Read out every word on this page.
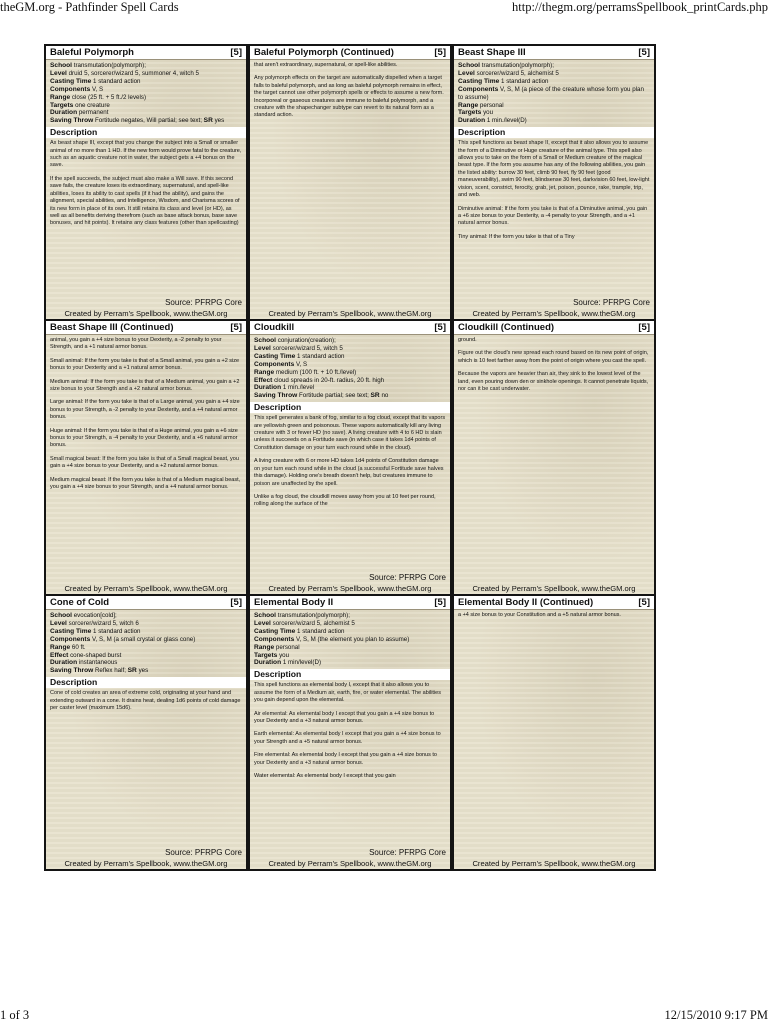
theGM.org - Pathfinder Spell Cards	http://thegm.org/perramsSpellbook_printCards.php
Baleful Polymorph	[5]
School transmutation(polymorph);
Level druid 5, sorcerer/wizard 5, summoner 4, witch 5
Casting Time 1 standard action
Components V, S
Range close (25 ft. + 5 ft./2 levels)
Targets one creature
Duration permanent
Saving Throw Fortitude negates, Will partial; see text; SR yes
Description

As beast shape III, except that you change the subject into a Small or smaller animal of no more than 1 HD. If the new form would prove fatal to the creature, such as an aquatic creature not in water, the subject gets a +4 bonus on the save.

If the spell succeeds, the subject must also make a Will save. If this second save fails, the creature loses its extraordinary, supernatural, and spell-like abilities, loses its ability to cast spells (if it had the ability), and gains the alignment, special abilities, and Intelligence, Wisdom, and Charisma scores of its new form in place of its own. It still retains its class and level (or HD), as well as all benefits deriving therefrom (such as base attack bonus, base save bonuses, and hit points). It retains any class features (other than spellcasting)

Source: PFRPG Core
Created by Perram's Spellbook, www.theGM.org
Baleful Polymorph (Continued)	[5]

that aren't extraordinary, supernatural, or spell-like abilities.

Any polymorph effects on the target are automatically dispelled when a target falls to baleful polymorph, and as long as baleful polymorph remains in effect, the target cannot use other polymorph spells or effects to assume a new form. Incorporeal or gaseous creatures are immune to baleful polymorph, and a creature with the shapechanger subtype can revert to its natural form as a standard action.

Created by Perram's Spellbook, www.theGM.org
Beast Shape III	[5]
School transmutation(polymorph);
Level sorcerer/wizard 5, alchemist 5
Casting Time 1 standard action
Components V, S, M (a piece of the creature whose form you plan to assume)
Range personal
Targets you
Duration 1 min./level(D)
Description

This spell functions as beast shape II, except that it also allows you to assume the form of a Diminutive or Huge creature of the animal type. This spell also allows you to take on the form of a Small or Medium creature of the magical beast type. If the form you assume has any of the following abilities, you gain the listed ability: burrow 30 feet, climb 90 feet, fly 90 feet (good maneuverability), swim 90 feet, blindsense 30 feet, darkvision 60 feet, low-light vision, scent, constrict, ferocity, grab, jet, poison, pounce, rake, trample, trip, and web.

Diminutive animal: If the form you take is that of a Diminutive animal, you gain a +6 size bonus to your Dexterity, a -4 penalty to your Strength, and a +1 natural armor bonus.

Tiny animal: If the form you take is that of a Tiny

Source: PFRPG Core
Created by Perram's Spellbook, www.theGM.org
Beast Shape III (Continued)	[5]

animal, you gain a +4 size bonus to your Dexterity, a -2 penalty to your Strength, and a +1 natural armor bonus.

Small animal: If the form you take is that of a Small animal, you gain a +2 size bonus to your Dexterity and a +1 natural armor bonus.

Medium animal: If the form you take is that of a Medium animal, you gain a +2 size bonus to your Strength and a +2 natural armor bonus.

Large animal: If the form you take is that of a Large animal, you gain a +4 size bonus to your Strength, a -2 penalty to your Dexterity, and a +4 natural armor bonus.

Huge animal: If the form you take is that of a Huge animal, you gain a +6 size bonus to your Strength, a -4 penalty to your Dexterity, and a +6 natural armor bonus.

Small magical beast: If the form you take is that of a Small magical beast, you gain a +4 size bonus to your Dexterity, and a +2 natural armor bonus.

Medium magical beast: If the form you take is that of a Medium magical beast, you gain a +4 size bonus to your Strength, and a +4 natural armor bonus.

Created by Perram's Spellbook, www.theGM.org
Cloudkill	[5]
School conjuration(creation);
Level sorcerer/wizard 5, witch 5
Casting Time 1 standard action
Components V, S
Range medium (100 ft. + 10 ft./level)
Effect cloud spreads in 20-ft. radius, 20 ft. high
Duration 1 min./level
Saving Throw Fortitude partial; see text; SR no
Description

This spell generates a bank of fog, similar to a fog cloud, except that its vapors are yellowish green and poisonous. These vapors automatically kill any living creature with 3 or fewer HD (no save). A living creature with 4 to 6 HD is slain unless it succeeds on a Fortitude save (in which case it takes 1d4 points of Constitution damage on your turn each round while in the cloud).

A living creature with 6 or more HD takes 1d4 points of Constitution damage on your turn each round while in the cloud (a successful Fortitude save halves this damage). Holding one's breath doesn't help, but creatures immune to poison are unaffected by the spell.

Unlike a fog cloud, the cloudkill moves away from you at 10 feet per round, rolling along the surface of the

Source: PFRPG Core
Created by Perram's Spellbook, www.theGM.org
Cloudkill (Continued)	[5]

ground.

Figure out the cloud's new spread each round based on its new point of origin, which is 10 feet farther away from the point of origin where you cast the spell.

Because the vapors are heavier than air, they sink to the lowest level of the land, even pouring down den or sinkhole openings. It cannot penetrate liquids, nor can it be cast underwater.

Created by Perram's Spellbook, www.theGM.org
Cone of Cold	[5]
School evocation[cold];
Level sorcerer/wizard 5, witch 6
Casting Time 1 standard action
Components V, S, M (a small crystal or glass cone)
Range 60 ft.
Effect cone-shaped burst
Duration instantaneous
Saving Throw Reflex half; SR yes
Description

Cone of cold creates an area of extreme cold, originating at your hand and extending outward in a cone. It drains heat, dealing 1d6 points of cold damage per caster level (maximum 15d6).

Source: PFRPG Core
Created by Perram's Spellbook, www.theGM.org
Elemental Body II	[5]
School transmutation(polymorph);
Level sorcerer/wizard 5, alchemist 5
Casting Time 1 standard action
Components V, S, M (the element you plan to assume)
Range personal
Targets you
Duration 1 min/level(D)
Description

This spell functions as elemental body I, except that it also allows you to assume the form of a Medium air, earth, fire, or water elemental. The abilities you gain depend upon the elemental.

Air elemental: As elemental body I except that you gain a +4 size bonus to your Dexterity and a +3 natural armor bonus.

Earth elemental: As elemental body I except that you gain a +4 size bonus to your Strength and a +5 natural armor bonus.

Fire elemental: As elemental body I except that you gain a +4 size bonus to your Dexterity and a +3 natural armor bonus.

Water elemental: As elemental body I except that you gain

Source: PFRPG Core
Created by Perram's Spellbook, www.theGM.org
Elemental Body II (Continued)	[5]

a +4 size bonus to your Constitution and a +5 natural armor bonus.

Created by Perram's Spellbook, www.theGM.org
1 of 3	12/15/2010 9:17 PM
